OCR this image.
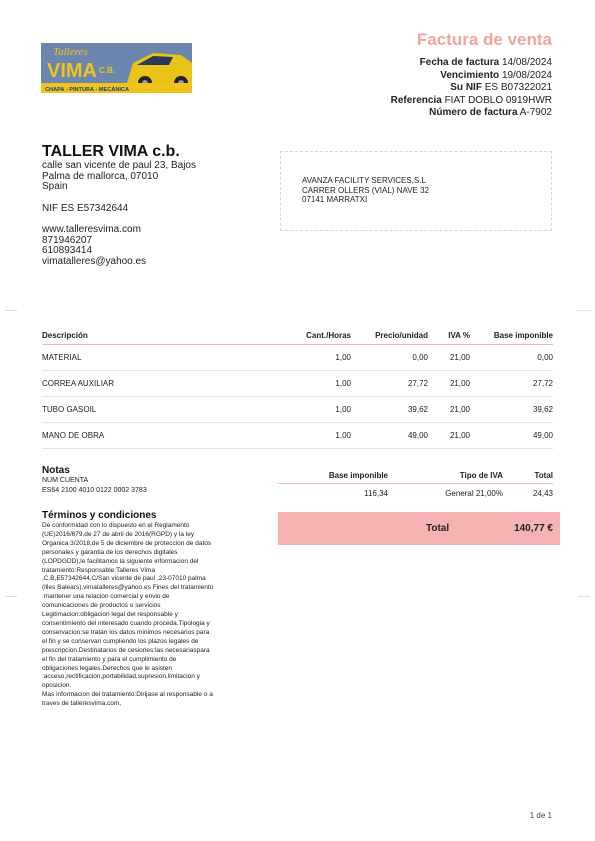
Talleres
VIMA C.B.
CHAPA - PINTURA - MECÁNICA
Factura de venta
Fecha de factura 14/08/2024
Vencimiento 19/08/2024
Su NIF ES B07322021
Referencia FIAT DOBLO 0919HWR
Número de factura A-7902
TALLER VIMA c.b.
calle san vicente de paul 23, Bajos
Palma de mallorca, 07010
Spain
NIF ES E57342644
www.talleresvima.com
871946207
610893414
vimatalleres@yahoo.es
AVANZA FACILITY SERVICES,S.L
CARRER OLLERS (VIAL) NAVE 32
07141 MARRATXI
Descripción	Cant./Horas	Precio/unidad	IVA %	Base imponible
MATERIAL	1,00	0,00	21,00	0,00
CORREA AUXILIAR	1,00	27,72	21,00	27,72
TUBO GASOIL	1,00	39,62	21,00	39,62
MANO DE OBRA	1,00	49,00	21,00	49,00
Notas
NUM CUENTA
ES64 2100 4010 0122 0002 3783
Base imponible	Tipo de IVA	Total
116,34	General 21,00%	24,43
Total	140,77 €
Términos y condiciones
De conformidad con lo dispuesto en el Reglamento
(UE)2016/679,de 27 de abril de 2016(RGPD) y la ley
Organica 3/2018,de 5 de diciembre de proteccion de datos
personales y garantia de los derechos digitales
(LOPDGDD),le facilitamos la siguiente informacion del
tratamiento:Responsable:Talleres Vima
,C.B,E57342644,C/San vicente de paul ,23-07010 palma
(illes Balears),vimatalleres@yahoo.es Fines del tratamiento
:mantener una relacion comercial y envio de
comunicaciones de productos o servicios
Legitimacion:obligacion legal del responsable y
consentimiento del interesado cuando proceda.Tipologia y
conservacion:se tratan los datos minimos necesarios para
el fin y se conservan cumpliendo los plazos legales de
prescripcion.Destinatarios de cesiones:las necesariaspara
el fin del tratamiento y para el cumplimiento de
obligaciones legales.Derechos que le asisten
:acceso,rectificacion,portabilidad,supresion,limitacion y
oposicion.
Mas informacion del tratamiento:Dirijase al responsable o a
traves de talleresvima.com,
1 de 1
